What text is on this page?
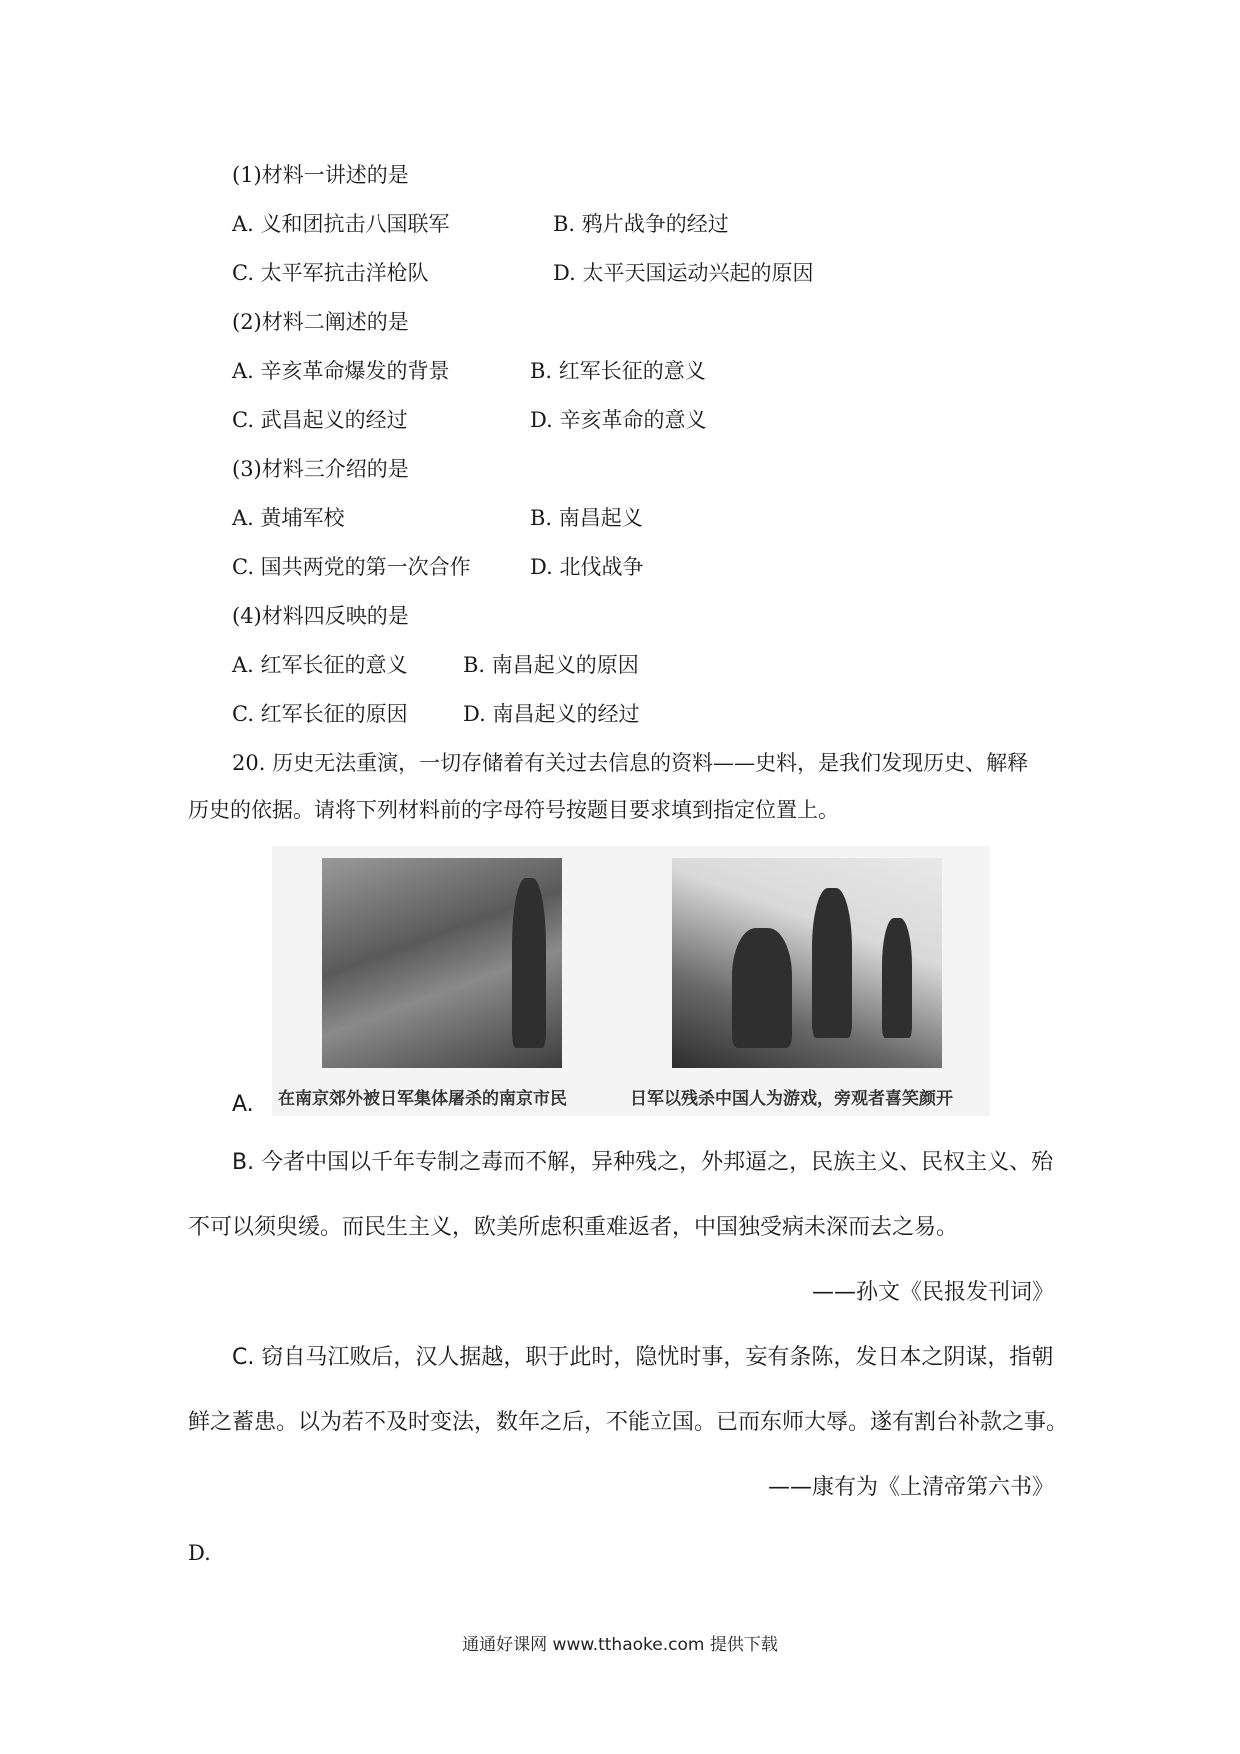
(1)材料一讲述的是
A. 义和团抗击八国联军	B. 鸦片战争的经过
C. 太平军抗击洋枪队	D. 太平天国运动兴起的原因
(2)材料二阐述的是
A. 辛亥革命爆发的背景	B. 红军长征的意义
C. 武昌起义的经过	D. 辛亥革命的意义
(3)材料三介绍的是
A. 黄埔军校	B. 南昌起义
C. 国共两党的第一次合作	D. 北伐战争
(4)材料四反映的是
A. 红军长征的意义	B. 南昌起义的原因
C. 红军长征的原因	D. 南昌起义的经过
20. 历史无法重演，一切存储着有关过去信息的资料——史料，是我们发现历史、解释
历史的依据。请将下列材料前的字母符号按题目要求填到指定位置上。
在南京郊外被日军集体屠杀的南京市民	日军以残杀中国人为游戏，旁观者喜笑颜开
A.
B. 今者中国以千年专制之毒而不解，异种残之，外邦逼之，民族主义、民权主义、殆
不可以须臾缓。而民生主义，欧美所虑积重难返者，中国独受病未深而去之易。
——孙文《民报发刊词》
C. 窃自马江败后，汉人据越，职于此时，隐忧时事，妄有条陈，发日本之阴谋，指朝
鲜之蓄患。以为若不及时变法，数年之后，不能立国。已而东师大辱。遂有割台补款之事。
——康有为《上清帝第六书》
D.
通通好课网 www.tthaoke.com 提供下载
